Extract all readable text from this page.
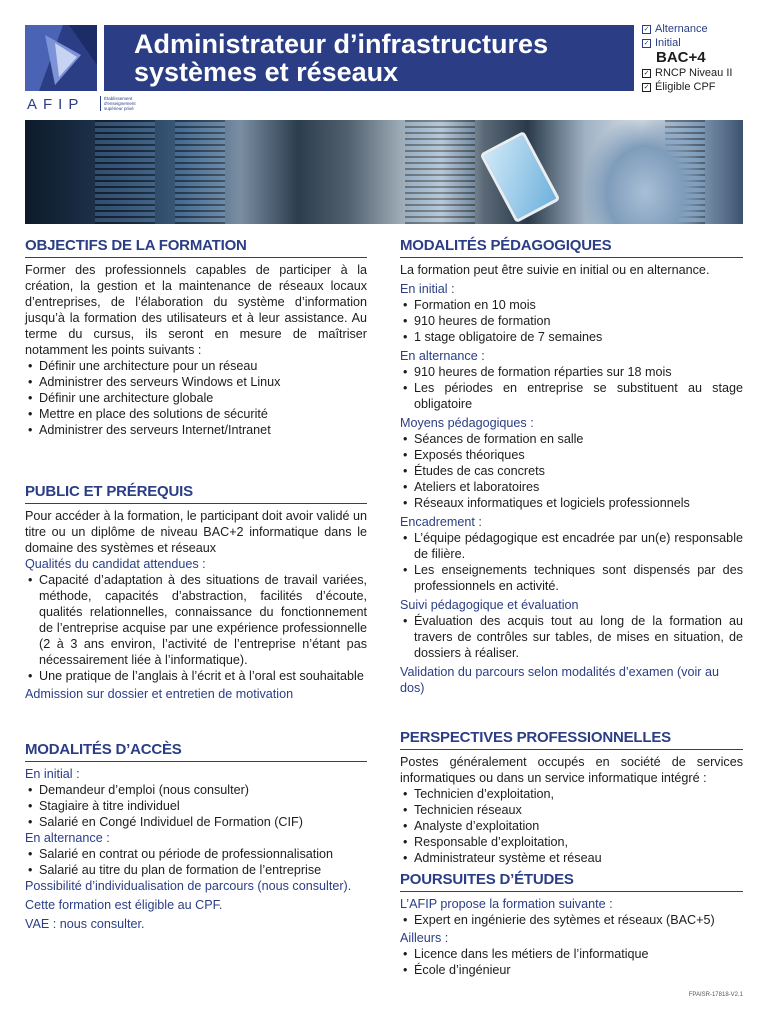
AFIP	Établissement d'enseignement supérieur privé
Administrateur d’infrastructures systèmes et réseaux
✓ Alternance
✓ Initial
BAC+4
✓ RNCP Niveau II
✓ Éligible CPF
OBJECTIFS DE LA FORMATION

Former des professionnels capables de participer à la création, la gestion et la maintenance de réseaux locaux d’entreprises, de l’élaboration du système d’information jusqu’à la formation des utilisateurs et à leur assistance. Au terme du cursus, ils seront en mesure de maîtriser notamment les points suivants :

• Définir une architecture pour un réseau
• Administrer des serveurs Windows et Linux
• Définir une architecture globale
• Mettre en place des solutions de sécurité
• Administrer des serveurs Internet/Intranet
PUBLIC ET PRÉREQUIS

Pour accéder à la formation, le participant doit avoir validé un titre ou un diplôme de niveau BAC+2 informatique dans le domaine des systèmes et réseaux

Qualités du candidat attendues :

• Capacité d’adaptation à des situations de travail variées, méthode, capacités d’abstraction, facilités d’écoute, qualités relationnelles, connaissance du fonctionnement de l’entreprise acquise par une expérience professionnelle (2 à 3 ans environ, l’activité de l’entreprise n’étant pas nécessairement liée à l’informatique).
• Une pratique de l’anglais à l’écrit et à l’oral est souhaitable

Admission sur dossier et entretien de motivation

MODALITÉS D’ACCÈS

En initial :

• Demandeur d’emploi (nous consulter)
• Stagiaire à titre individuel
• Salarié en Congé Individuel de Formation (CIF)

En alternance :

• Salarié en contrat ou période de professionnalisation
• Salarié au titre du plan de formation de l’entreprise

Possibilité d’individualisation de parcours (nous consulter).

Cette formation est éligible au CPF.

VAE : nous consulter.

MODALITÉS PÉDAGOGIQUES

La formation peut être suivie en initial ou en alternance.

En initial :

• Formation en 10 mois
• 910 heures de formation
• 1 stage obligatoire de 7 semaines

En alternance :

• 910 heures de formation réparties sur 18 mois
• Les périodes en entreprise se substituent au stage obligatoire

Moyens pédagogiques :

• Séances de formation en salle
• Exposés théoriques
• Études de cas concrets
• Ateliers et laboratoires
• Réseaux informatiques et logiciels professionnels

Encadrement :

• L’équipe pédagogique est encadrée par un(e) responsable de filière.
• Les enseignements techniques sont dispensés par des professionnels en activité.

Suivi pédagogique et évaluation

• Évaluation des acquis tout au long de la formation au travers de contrôles sur tables, de mises en situation, de dossiers à réaliser.

Validation du parcours selon modalités d’examen (voir au dos)

PERSPECTIVES PROFESSIONNELLES

Postes généralement occupés en société de services informatiques ou dans un service informatique intégré :

• Technicien d’exploitation,
• Technicien réseaux
• Analyste d’exploitation
• Responsable d’exploitation,
• Administrateur système et réseau
POURSUITES D’ÉTUDES

L’AFIP propose la formation suivante :

• Expert en ingénierie des sytèmes et réseaux (BAC+5)

Ailleurs :

• Licence dans les métiers de l’informatique
• École d’ingénieur
FPAISR-17818-V2.1
